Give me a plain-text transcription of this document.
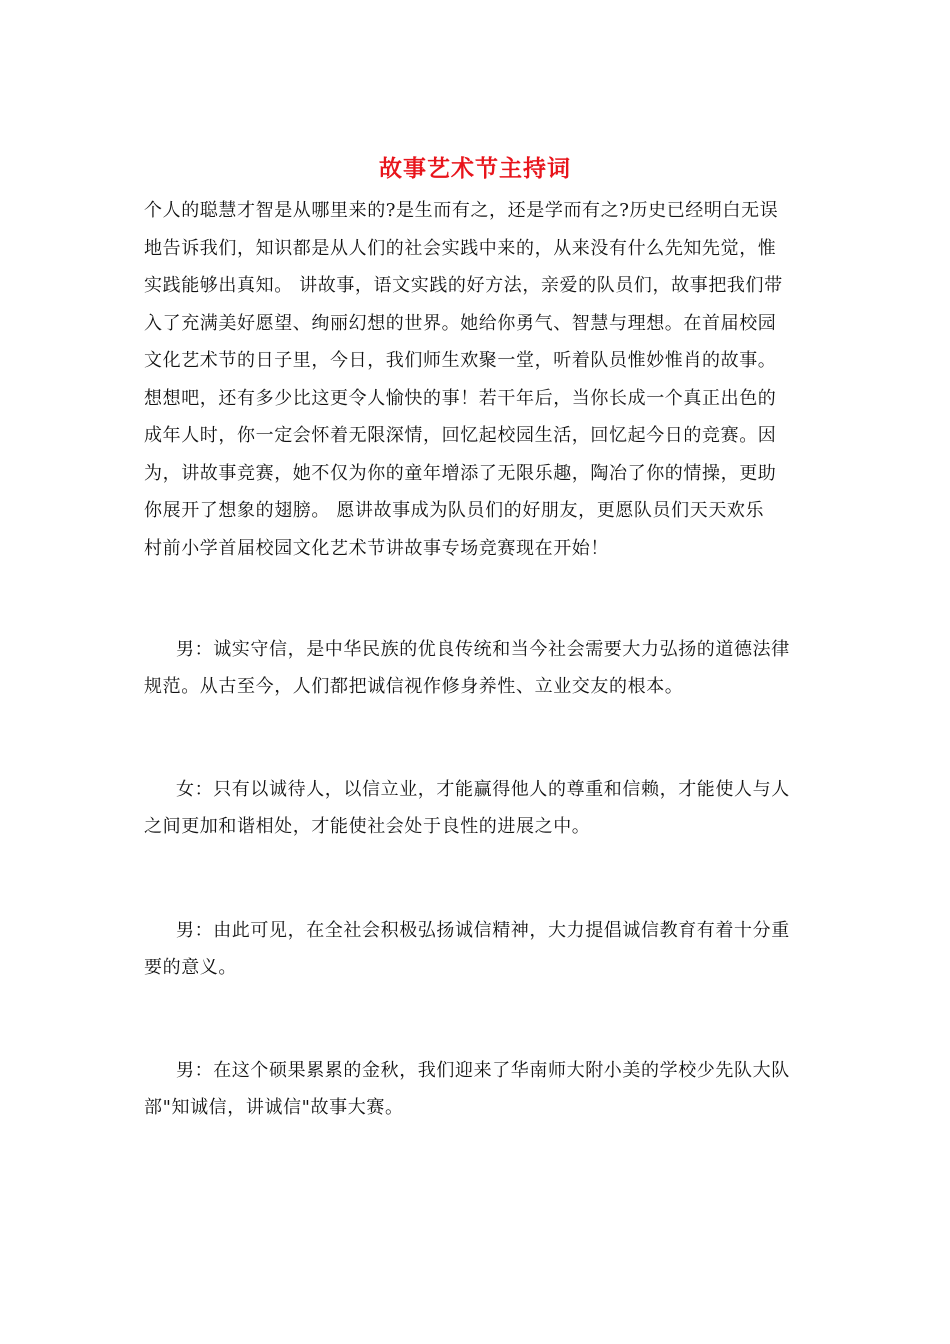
故事艺术节主持词
个人的聪慧才智是从哪里来的?是生而有之，还是学而有之?历史已经明白无误
地告诉我们，知识都是从人们的社会实践中来的，从来没有什么先知先觉，惟
实践能够出真知。 讲故事，语文实践的好方法，亲爱的队员们，故事把我们带
入了充满美好愿望、绚丽幻想的世界。她给你勇气、智慧与理想。在首届校园
文化艺术节的日子里，今日，我们师生欢聚一堂，听着队员惟妙惟肖的故事。
想想吧，还有多少比这更令人愉快的事！若干年后，当你长成一个真正出色的
成年人时，你一定会怀着无限深情，回忆起校园生活，回忆起今日的竞赛。因
为，讲故事竞赛，她不仅为你的童年增添了无限乐趣，陶冶了你的情操，更助
你展开了想象的翅膀。 愿讲故事成为队员们的好朋友，更愿队员们天天欢乐
村前小学首届校园文化艺术节讲故事专场竞赛现在开始！
男：诚实守信，是中华民族的优良传统和当今社会需要大力弘扬的道德法律
规范。从古至今，人们都把诚信视作修身养性、立业交友的根本。
女：只有以诚待人，以信立业，才能赢得他人的尊重和信赖，才能使人与人
之间更加和谐相处，才能使社会处于良性的进展之中。
男：由此可见，在全社会积极弘扬诚信精神，大力提倡诚信教育有着十分重
要的意义。
男：在这个硕果累累的金秋，我们迎来了华南师大附小美的学校少先队大队
部"知诚信，讲诚信"故事大赛。
